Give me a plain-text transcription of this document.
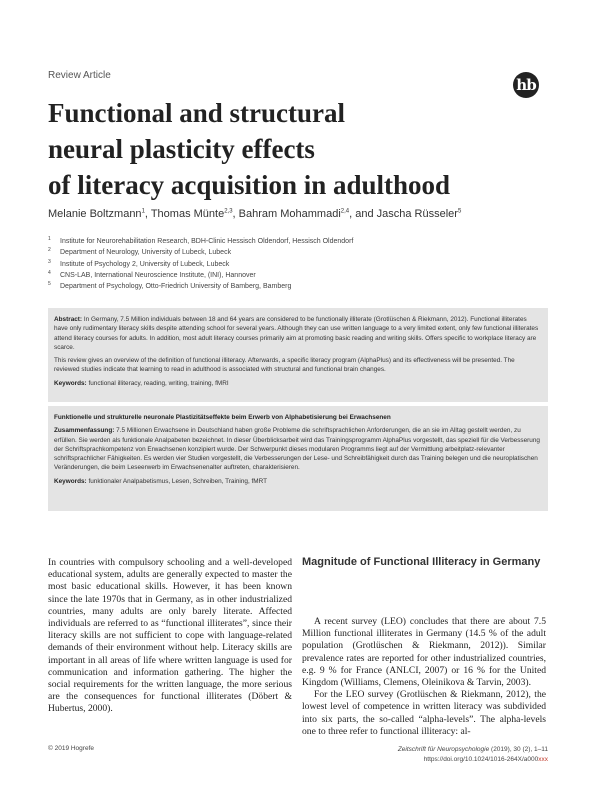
Review Article
hb
Functional and structural
neural plasticity effects
of literacy acquisition in adulthood
Melanie Boltzmann$^1$, Thomas Münte$^{2,3}$, Bahram Mohammadi$^{2,4}$, and Jascha Rüsseler$^5$
1 Institute for Neurorehabilitation Research, BDH-Clinic Hessisch Oldendorf, Hessisch Oldendorf
2 Department of Neurology, University of Lubeck, Lubeck
3 Institute of Psychology 2, University of Lubeck, Lubeck
4 CNS-LAB, International Neuroscience Institute, (INI), Hannover
5 Department of Psychology, Otto-Friedrich University of Bamberg, Bamberg

Abstract: In Germany, 7.5 Million individuals between 18 and 64 years are considered to be functionally illiterate (Grotlüschen & Riekmann, 2012). Functional illiterates have only rudimentary literacy skills despite attending school for several years. Although they can use written language to a very limited extent, only few functional illiterates attend literacy courses for adults. In addition, most adult literacy courses primarily aim at promoting basic reading and writing skills. Offers specific to workplace literacy are scarce.

This review gives an overview of the definition of functional illiteracy. Afterwards, a specific literacy program (AlphaPlus) and its effectiveness will be presented. The reviewed studies indicate that learning to read in adulthood is associated with structural and functional brain changes.

Keywords: functional illiteracy, reading, writing, training, fMRI

Funktionelle und strukturelle neuronale Plastizitätseffekte beim Erwerb von Alphabetisierung bei Erwachsenen

Zusammenfassung: 7.5 Millionen Erwachsene in Deutschland haben große Probleme die schriftsprachlichen Anforderungen, die an sie im Alltag gestellt werden, zu erfüllen. Sie werden als funktionale Analpabeten bezeichnet. In dieser Überblicksarbeit wird das Trainingsprogramm AlphaPlus vorgestellt, das speziell für die Verbesserung der Schriftsprachkompetenz von Erwachsenen konzipiert wurde. Der Schwerpunkt dieses modularen Programms liegt auf der Vermittlung arbeitplatz-relevanter schriftsprachlicher Fähigkeiten. Es werden vier Studien vorgestellt, die Verbesserungen der Lese- und Schreibfähigkeit durch das Training belegen und die neuroplatischen Veränderungen, die beim Leseerwerb im Erwachsenenalter auftreten, charakterisieren.

Keywords: funktionaler Analpabetismus, Lesen, Schreiben, Training, fMRT

In countries with compulsory schooling and a well-developed educational system, adults are generally expected to master the most basic educational skills. However, it has been known since the late 1970s that in Germany, as in other industrialized countries, many adults are only barely literate. Affected individuals are referred to as “functional illiterates”, since their literacy skills are not sufficient to cope with language-related demands of their environment without help. Literacy skills are important in all areas of life where written language is used for communication and information gathering. The higher the social requirements for the written language, the more serious are the consequences for functional illiterates (Döbert & Hubertus, 2000).

Magnitude of Functional Illiteracy in Germany

A recent survey (LEO) concludes that there are about 7.5 Million functional illiterates in Germany (14.5 % of the adult population (Grotlüschen & Riekmann, 2012)). Similar prevalence rates are reported for other industrialized countries, e.g. 9 % for France (ANLCI, 2007) or 16 % for the United Kingdom (Williams, Clemens, Oleinikova & Tarvin, 2003).

For the LEO survey (Grotlüschen & Riekmann, 2012), the lowest level of competence in written literacy was subdivided into six parts, the so-called “alpha-levels”. The alpha-levels one to three refer to functional illiteracy: al-

© 2019 Hogrefe	Zeitschrift für Neuropsychologie (2019), 30 (2), 1–11
https://doi.org/10.1024/1016-264X/a000xxx
